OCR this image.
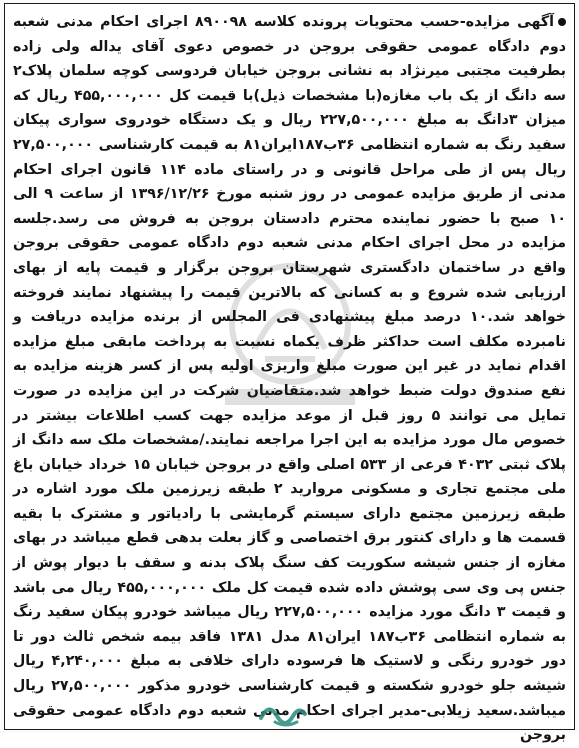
آگهی مزایده-حسب محتویات پرونده کلاسه ۸۹۰۰۹۸ اجرای احکام مدنی شعبه دوم دادگاه عمومی حقوقی بروجن در خصوص دعوی آقای یداله ولی زاده بطرفیت مجتبی میرنژاد به نشانی بروجن خیابان فردوسی کوچه سلمان پلاک۲ سه دانگ از یک باب مغازه(با مشخصات ذیل)با قیمت کل ۴۵۵,۰۰۰,۰۰۰ ریال که میزان ۳دانگ به مبلغ ۲۲۷,۵۰۰,۰۰۰ ریال و یک دستگاه خودروی سواری پیکان سفید رنگ به شماره انتظامی ۳۶ب۱۸۷ایران۸۱ به قیمت کارشناسی ۲۷,۵۰۰,۰۰۰ ریال پس از طی مراحل قانونی و در راستای ماده ۱۱۴ قانون اجرای احکام مدنی از طریق مزایده عمومی در روز شنبه مورخ ۱۳۹۶/۱۲/۲۶ از ساعت ۹ الی ۱۰ صبح با حضور نماینده محترم دادستان بروجن به فروش می رسد.جلسه مزایده در محل اجرای احکام مدنی شعبه دوم دادگاه عمومی حقوقی بروجن واقع در ساختمان دادگستری شهرستان بروجن برگزار و قیمت پایه از بهای ارزیابی شده شروع و به کسانی که بالاترین قیمت را پیشنهاد نمایند فروخته خواهد شد.۱۰ درصد مبلغ پیشنهادی فی المجلس از برنده مزایده دریافت و نامبرده مکلف است حداکثر ظرف یکماه نسبت به پرداخت مابقی مبلغ مزایده اقدام نماید در غیر این صورت مبلغ واریزی اولیه پس از کسر هزینه مزایده به نفع صندوق دولت ضبط خواهد شد.متقاضیان شرکت در این مزایده در صورت تمایل می توانند ۵ روز قبل از موعد مزایده جهت کسب اطلاعات بیشتر در خصوص مال مورد مزایده به این اجرا مراجعه نمایند./مشخصات ملک سه دانگ از پلاک ثبتی ۴۰۳۲ فرعی از ۵۳۳ اصلی واقع در بروجن خیابان ۱۵ خرداد خیابان باغ ملی مجتمع تجاری و مسکونی مروارید ۲ طبقه زیرزمین ملک مورد اشاره در طبقه زیرزمین مجتمع دارای سیستم گرمایشی با رادیاتور و مشترک با بقیه قسمت ها و دارای کنتور برق اختصاصی و گاز بعلت بدهی قطع میباشد در بهای مغازه از جنس شیشه سکوریت کف سنگ پلاک بدنه و سقف با دیوار پوش از جنس پی وی سی پوشش داده شده قیمت کل ملک ۴۵۵,۰۰۰,۰۰۰ ریال می باشد و قیمت ۳ دانگ مورد مزایده ۲۲۷,۵۰۰,۰۰۰ ریال میباشد خودرو پیکان سفید رنگ به شماره انتظامی ۳۶ب۱۸۷ ایران۸۱ مدل ۱۳۸۱ فاقد بیمه شخص ثالث دور تا دور خودرو رنگی و لاستیک ها فرسوده دارای خلافی به مبلغ ۴,۲۴۰,۰۰۰ ریال شیشه جلو خودرو شکسته و قیمت کارشناسی خودرو مذکور ۲۷,۵۰۰,۰۰۰ ریال میباشد.سعید زیلابی-مدیر اجرای احکام مدنی شعبه دوم دادگاه عمومی حقوقی بروجن
